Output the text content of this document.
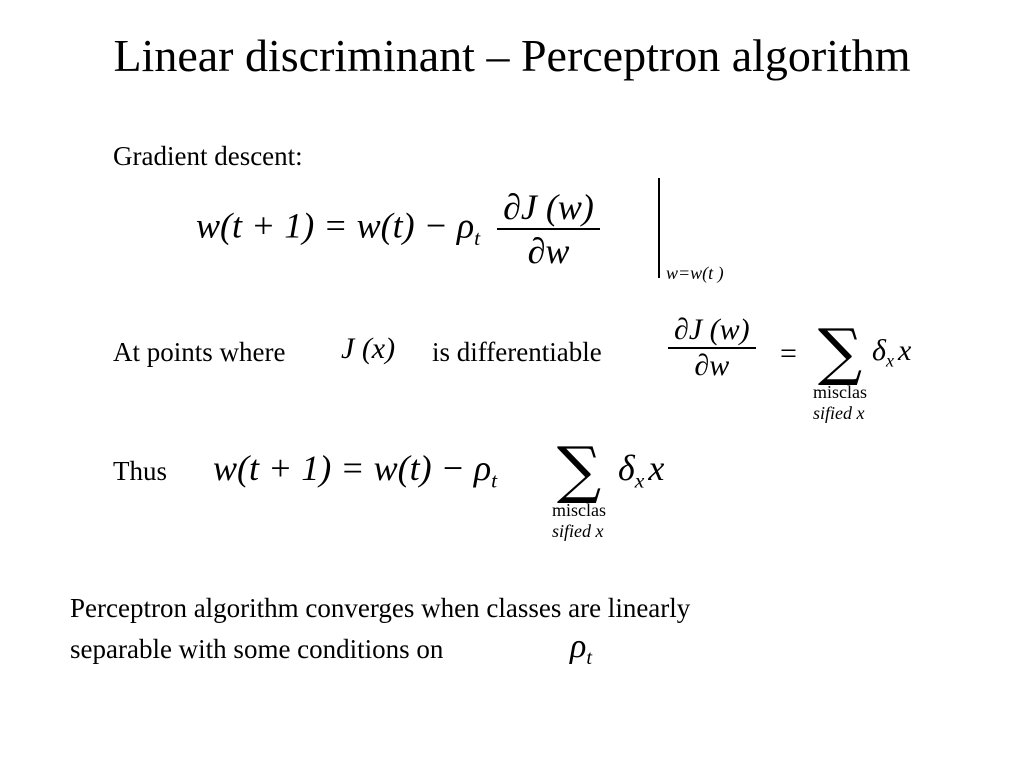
Linear discriminant – Perceptron algorithm
Gradient descent:
$w(t + 1) = w(t) - \rho_t \frac{\partial J (w)}{\partial w}$
w=w(t )
At points where J (x) is differentiable $\frac{\partial J (w)}{\partial w}$ = ∑
misclas
sified x
$\delta_x$ x
Thus $w(t + 1) = w(t) - \rho_t$ ∑
misclas
sified x
$\delta_x$ x
Perceptron algorithm converges when classes are linearly
separable with some conditions on	$\rho_t$
